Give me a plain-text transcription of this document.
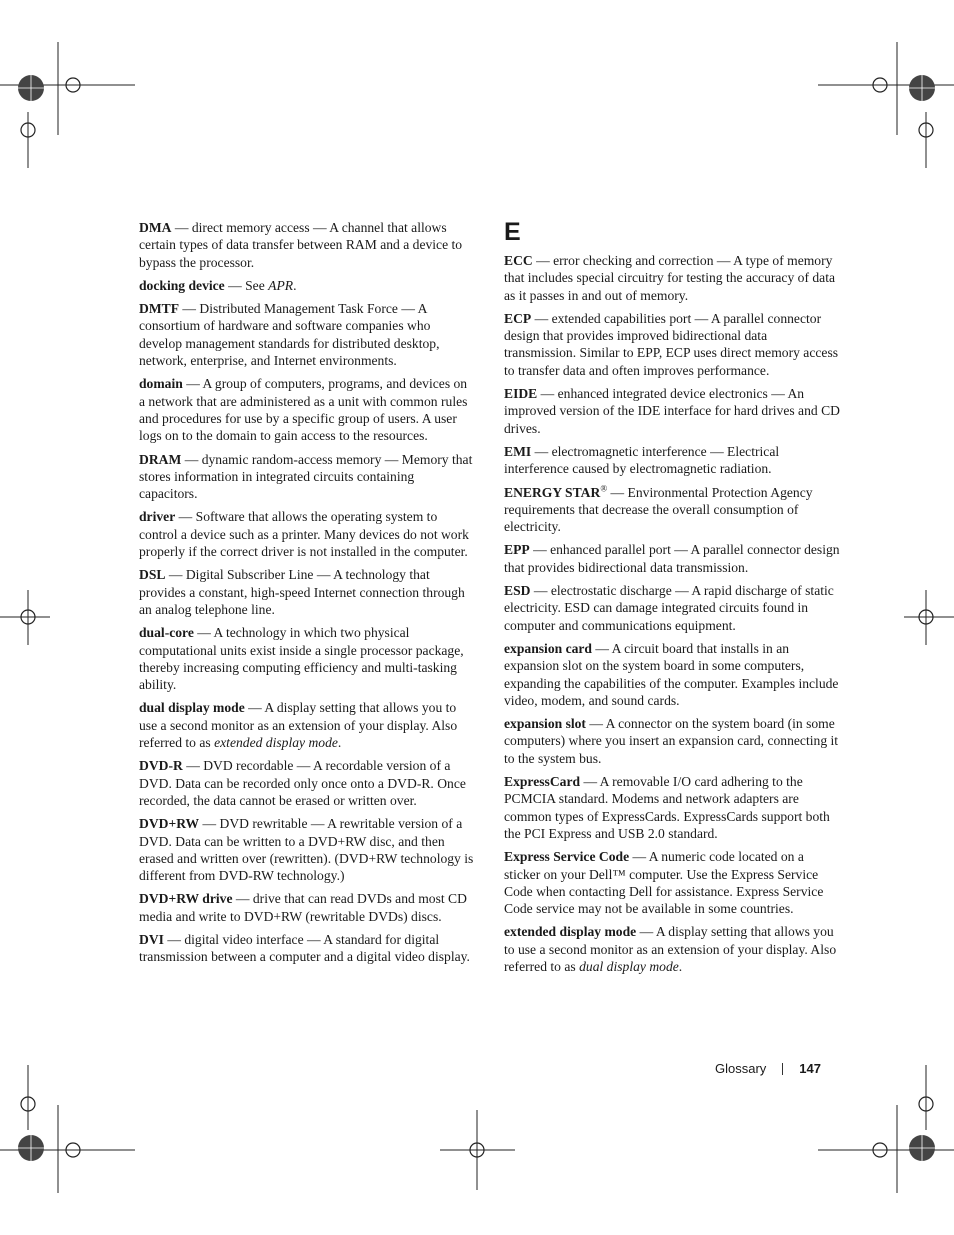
DMA — direct memory access — A channel that allows certain types of data transfer between RAM and a device to bypass the processor.
docking device — See APR.
DMTF — Distributed Management Task Force — A consortium of hardware and software companies who develop management standards for distributed desktop, network, enterprise, and Internet environments.
domain — A group of computers, programs, and devices on a network that are administered as a unit with common rules and procedures for use by a specific group of users. A user logs on to the domain to gain access to the resources.
DRAM — dynamic random-access memory — Memory that stores information in integrated circuits containing capacitors.
driver — Software that allows the operating system to control a device such as a printer. Many devices do not work properly if the correct driver is not installed in the computer.
DSL — Digital Subscriber Line — A technology that provides a constant, high-speed Internet connection through an analog telephone line.
dual-core — A technology in which two physical computational units exist inside a single processor package, thereby increasing computing efficiency and multi-tasking ability.
dual display mode — A display setting that allows you to use a second monitor as an extension of your display. Also referred to as extended display mode.
DVD-R — DVD recordable — A recordable version of a DVD. Data can be recorded only once onto a DVD-R. Once recorded, the data cannot be erased or written over.
DVD+RW — DVD rewritable — A rewritable version of a DVD. Data can be written to a DVD+RW disc, and then erased and written over (rewritten). (DVD+RW technology is different from DVD-RW technology.)
DVD+RW drive — drive that can read DVDs and most CD media and write to DVD+RW (rewritable DVDs) discs.
DVI — digital video interface — A standard for digital transmission between a computer and a digital video display.
E
ECC — error checking and correction — A type of memory that includes special circuitry for testing the accuracy of data as it passes in and out of memory.
ECP — extended capabilities port — A parallel connector design that provides improved bidirectional data transmission. Similar to EPP, ECP uses direct memory access to transfer data and often improves performance.
EIDE — enhanced integrated device electronics — An improved version of the IDE interface for hard drives and CD drives.
EMI — electromagnetic interference — Electrical interference caused by electromagnetic radiation.
ENERGY STAR® — Environmental Protection Agency requirements that decrease the overall consumption of electricity.
EPP — enhanced parallel port — A parallel connector design that provides bidirectional data transmission.
ESD — electrostatic discharge — A rapid discharge of static electricity. ESD can damage integrated circuits found in computer and communications equipment.
expansion card — A circuit board that installs in an expansion slot on the system board in some computers, expanding the capabilities of the computer. Examples include video, modem, and sound cards.
expansion slot — A connector on the system board (in some computers) where you insert an expansion card, connecting it to the system bus.
ExpressCard — A removable I/O card adhering to the PCMCIA standard. Modems and network adapters are common types of ExpressCards. ExpressCards support both the PCI Express and USB 2.0 standard.
Express Service Code — A numeric code located on a sticker on your Dell™ computer. Use the Express Service Code when contacting Dell for assistance. Express Service Code service may not be available in some countries.
extended display mode — A display setting that allows you to use a second monitor as an extension of your display. Also referred to as dual display mode.
Glossary	147
